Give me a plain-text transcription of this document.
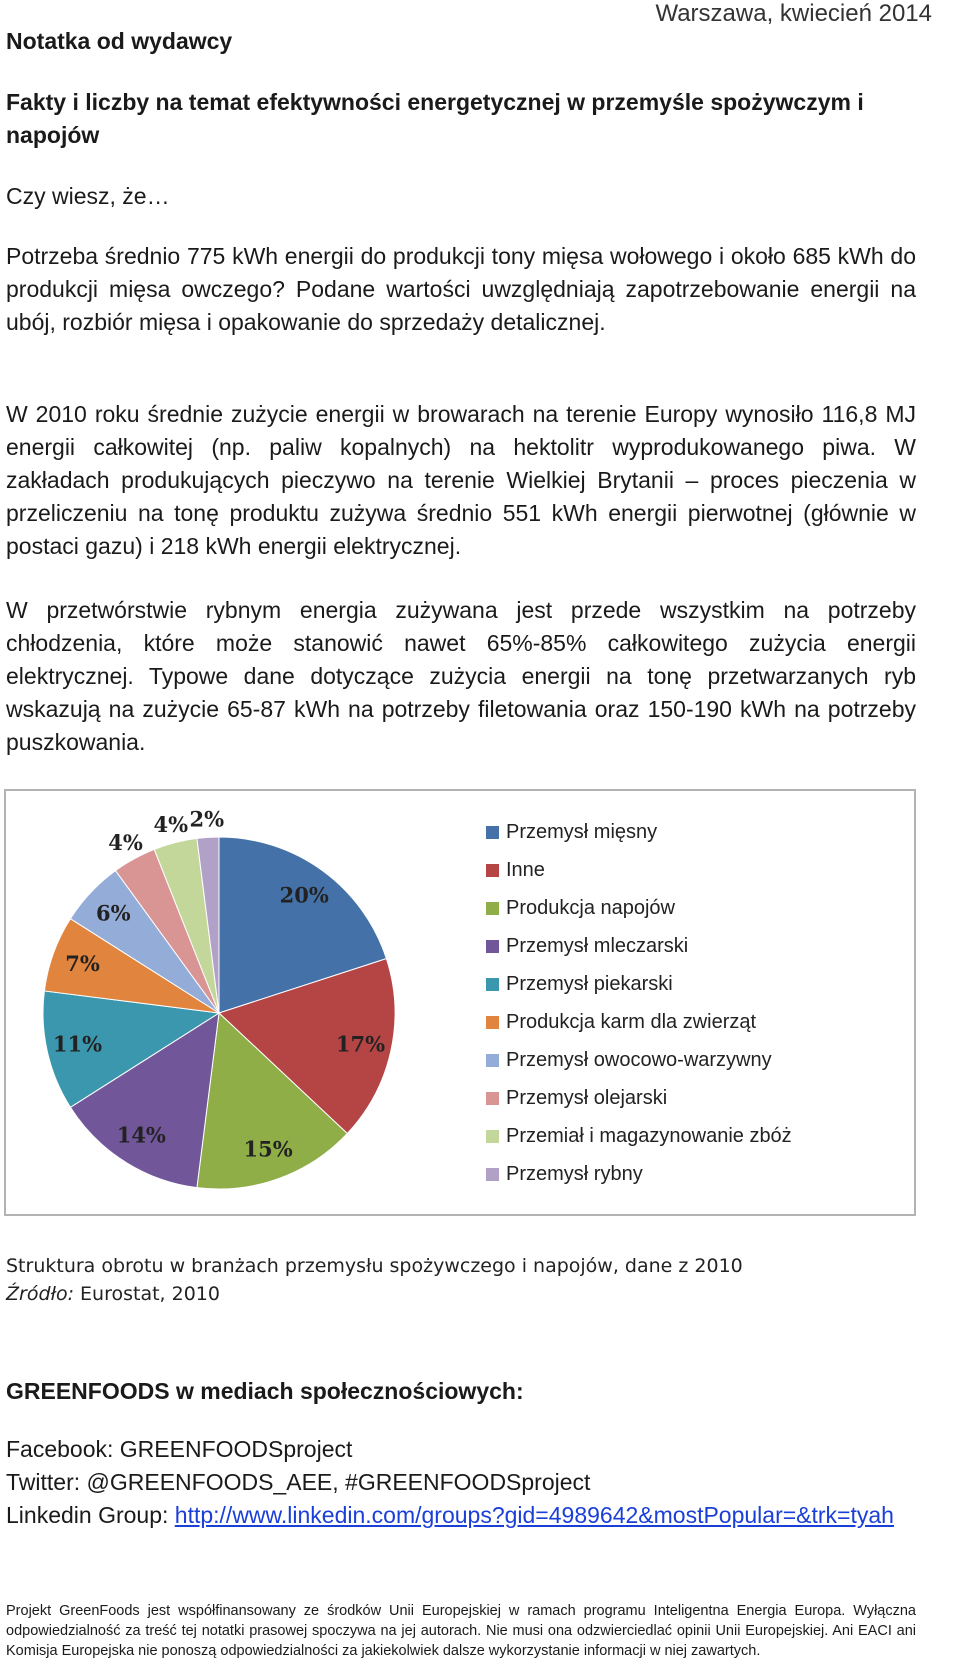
Warszawa, kwiecień 2014
Notatka od wydawcy
Fakty i liczby na temat efektywności energetycznej w przemyśle spożywczym i napojów
Czy wiesz, że…
Potrzeba średnio 775 kWh energii do produkcji tony mięsa wołowego i około 685 kWh do produkcji mięsa owczego? Podane wartości uwzględniają zapotrzebowanie energii na ubój, rozbiór mięsa i opakowanie do sprzedaży detalicznej.
W 2010 roku średnie zużycie energii w browarach na terenie Europy wynosiło 116,8 MJ energii całkowitej (np. paliw kopalnych) na hektolitr wyprodukowanego piwa. W zakładach produkujących pieczywo na terenie Wielkiej Brytanii – proces pieczenia w przeliczeniu na tonę produktu zużywa średnio 551 kWh energii pierwotnej (głównie w postaci gazu) i 218 kWh energii elektrycznej.
W przetwórstwie rybnym energia zużywana jest przede wszystkim na potrzeby chłodzenia, które może stanowić nawet 65%-85% całkowitego zużycia energii elektrycznej. Typowe dane dotyczące zużycia energii na tonę przetwarzanych ryb wskazują na zużycie 65-87 kWh na potrzeby filetowania oraz 150-190 kWh na potrzeby puszkowania.
20%
17%
15%
14%
11%
7%
6%
4%
4% 2%
Przemysł mięsny
Inne
Produkcja napojów
Przemysł mleczarski
Przemysł piekarski
Produkcja karm dla zwierząt
Przemysł owocowo-warzywny
Przemysł olejarski
Przemiał i magazynowanie zbóż
Przemysł rybny
Struktura obrotu w branżach przemysłu spożywczego i napojów, dane z 2010
Źródło: Eurostat, 2010
GREENFOODS w mediach społecznościowych:
Facebook: GREENFOODSproject
Twitter: @GREENFOODS_AEE, #GREENFOODSproject
Linkedin Group: http://www.linkedin.com/groups?gid=4989642&mostPopular=&trk=tyah
Projekt GreenFoods jest współfinansowany ze środków Unii Europejskiej w ramach programu Inteligentna Energia Europa. Wyłączna odpowiedzialność za treść tej notatki prasowej spoczywa na jej autorach. Nie musi ona odzwierciedlać opinii Unii Europejskiej. Ani EACI ani Komisja Europejska nie ponoszą odpowiedzialności za jakiekolwiek dalsze wykorzystanie informacji w niej zawartych.
